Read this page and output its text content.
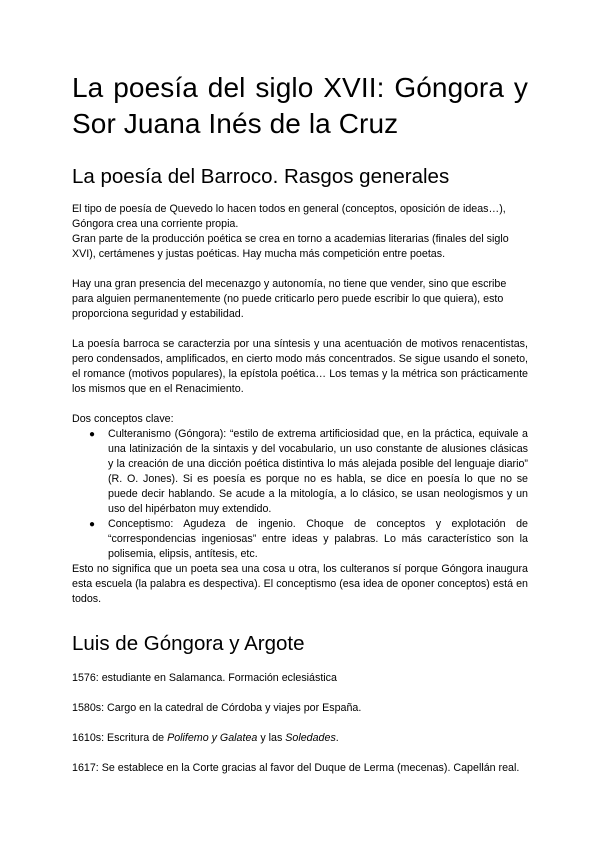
La poesía del siglo XVII: Góngora y Sor Juana Inés de la Cruz
La poesía del Barroco. Rasgos generales

El tipo de poesía de Quevedo lo hacen todos en general (conceptos, oposición de ideas…), Góngora crea una corriente propia.

Gran parte de la producción poética se crea en torno a academias literarias (finales del siglo XVI), certámenes y justas poéticas. Hay mucha más competición entre poetas.

Hay una gran presencia del mecenazgo y autonomía, no tiene que vender, sino que escribe para alguien permanentemente (no puede criticarlo pero puede escribir lo que quiera), esto proporciona seguridad y estabilidad.

La poesía barroca se caracterzia por una síntesis y una acentuación de motivos renacentistas, pero condensados, amplificados, en cierto modo más concentrados. Se sigue usando el soneto, el romance (motivos populares), la epístola poética… Los temas y la métrica son prácticamente los mismos que en el Renacimiento.

Dos conceptos clave:

● Culteranismo (Góngora): “estilo de extrema artificiosidad que, en la práctica, equivale a una latinización de la sintaxis y del vocabulario, un uso constante de alusiones clásicas y la creación de una dicción poética distintiva lo más alejada posible del lenguaje diario” (R. O. Jones). Si es poesía es porque no es habla, se dice en poesía lo que no se puede decir hablando. Se acude a la mitología, a lo clásico, se usan neologismos y un uso del hipérbaton muy extendido.
● Conceptismo: Agudeza de ingenio. Choque de conceptos y explotación de “correspondencias ingeniosas” entre ideas y palabras. Lo más característico son la polisemia, elipsis, antítesis, etc.

Esto no significa que un poeta sea una cosa u otra, los culteranos sí porque Góngora inaugura esta escuela (la palabra es despectiva). El conceptismo (esa idea de oponer conceptos) está en todos.

Luis de Góngora y Argote

1576: estudiante en Salamanca. Formación eclesiástica

1580s: Cargo en la catedral de Córdoba y viajes por España.

1610s: Escritura de Polifemo y Galatea y las Soledades.

1617: Se establece en la Corte gracias al favor del Duque de Lerma (mecenas). Capellán real.
